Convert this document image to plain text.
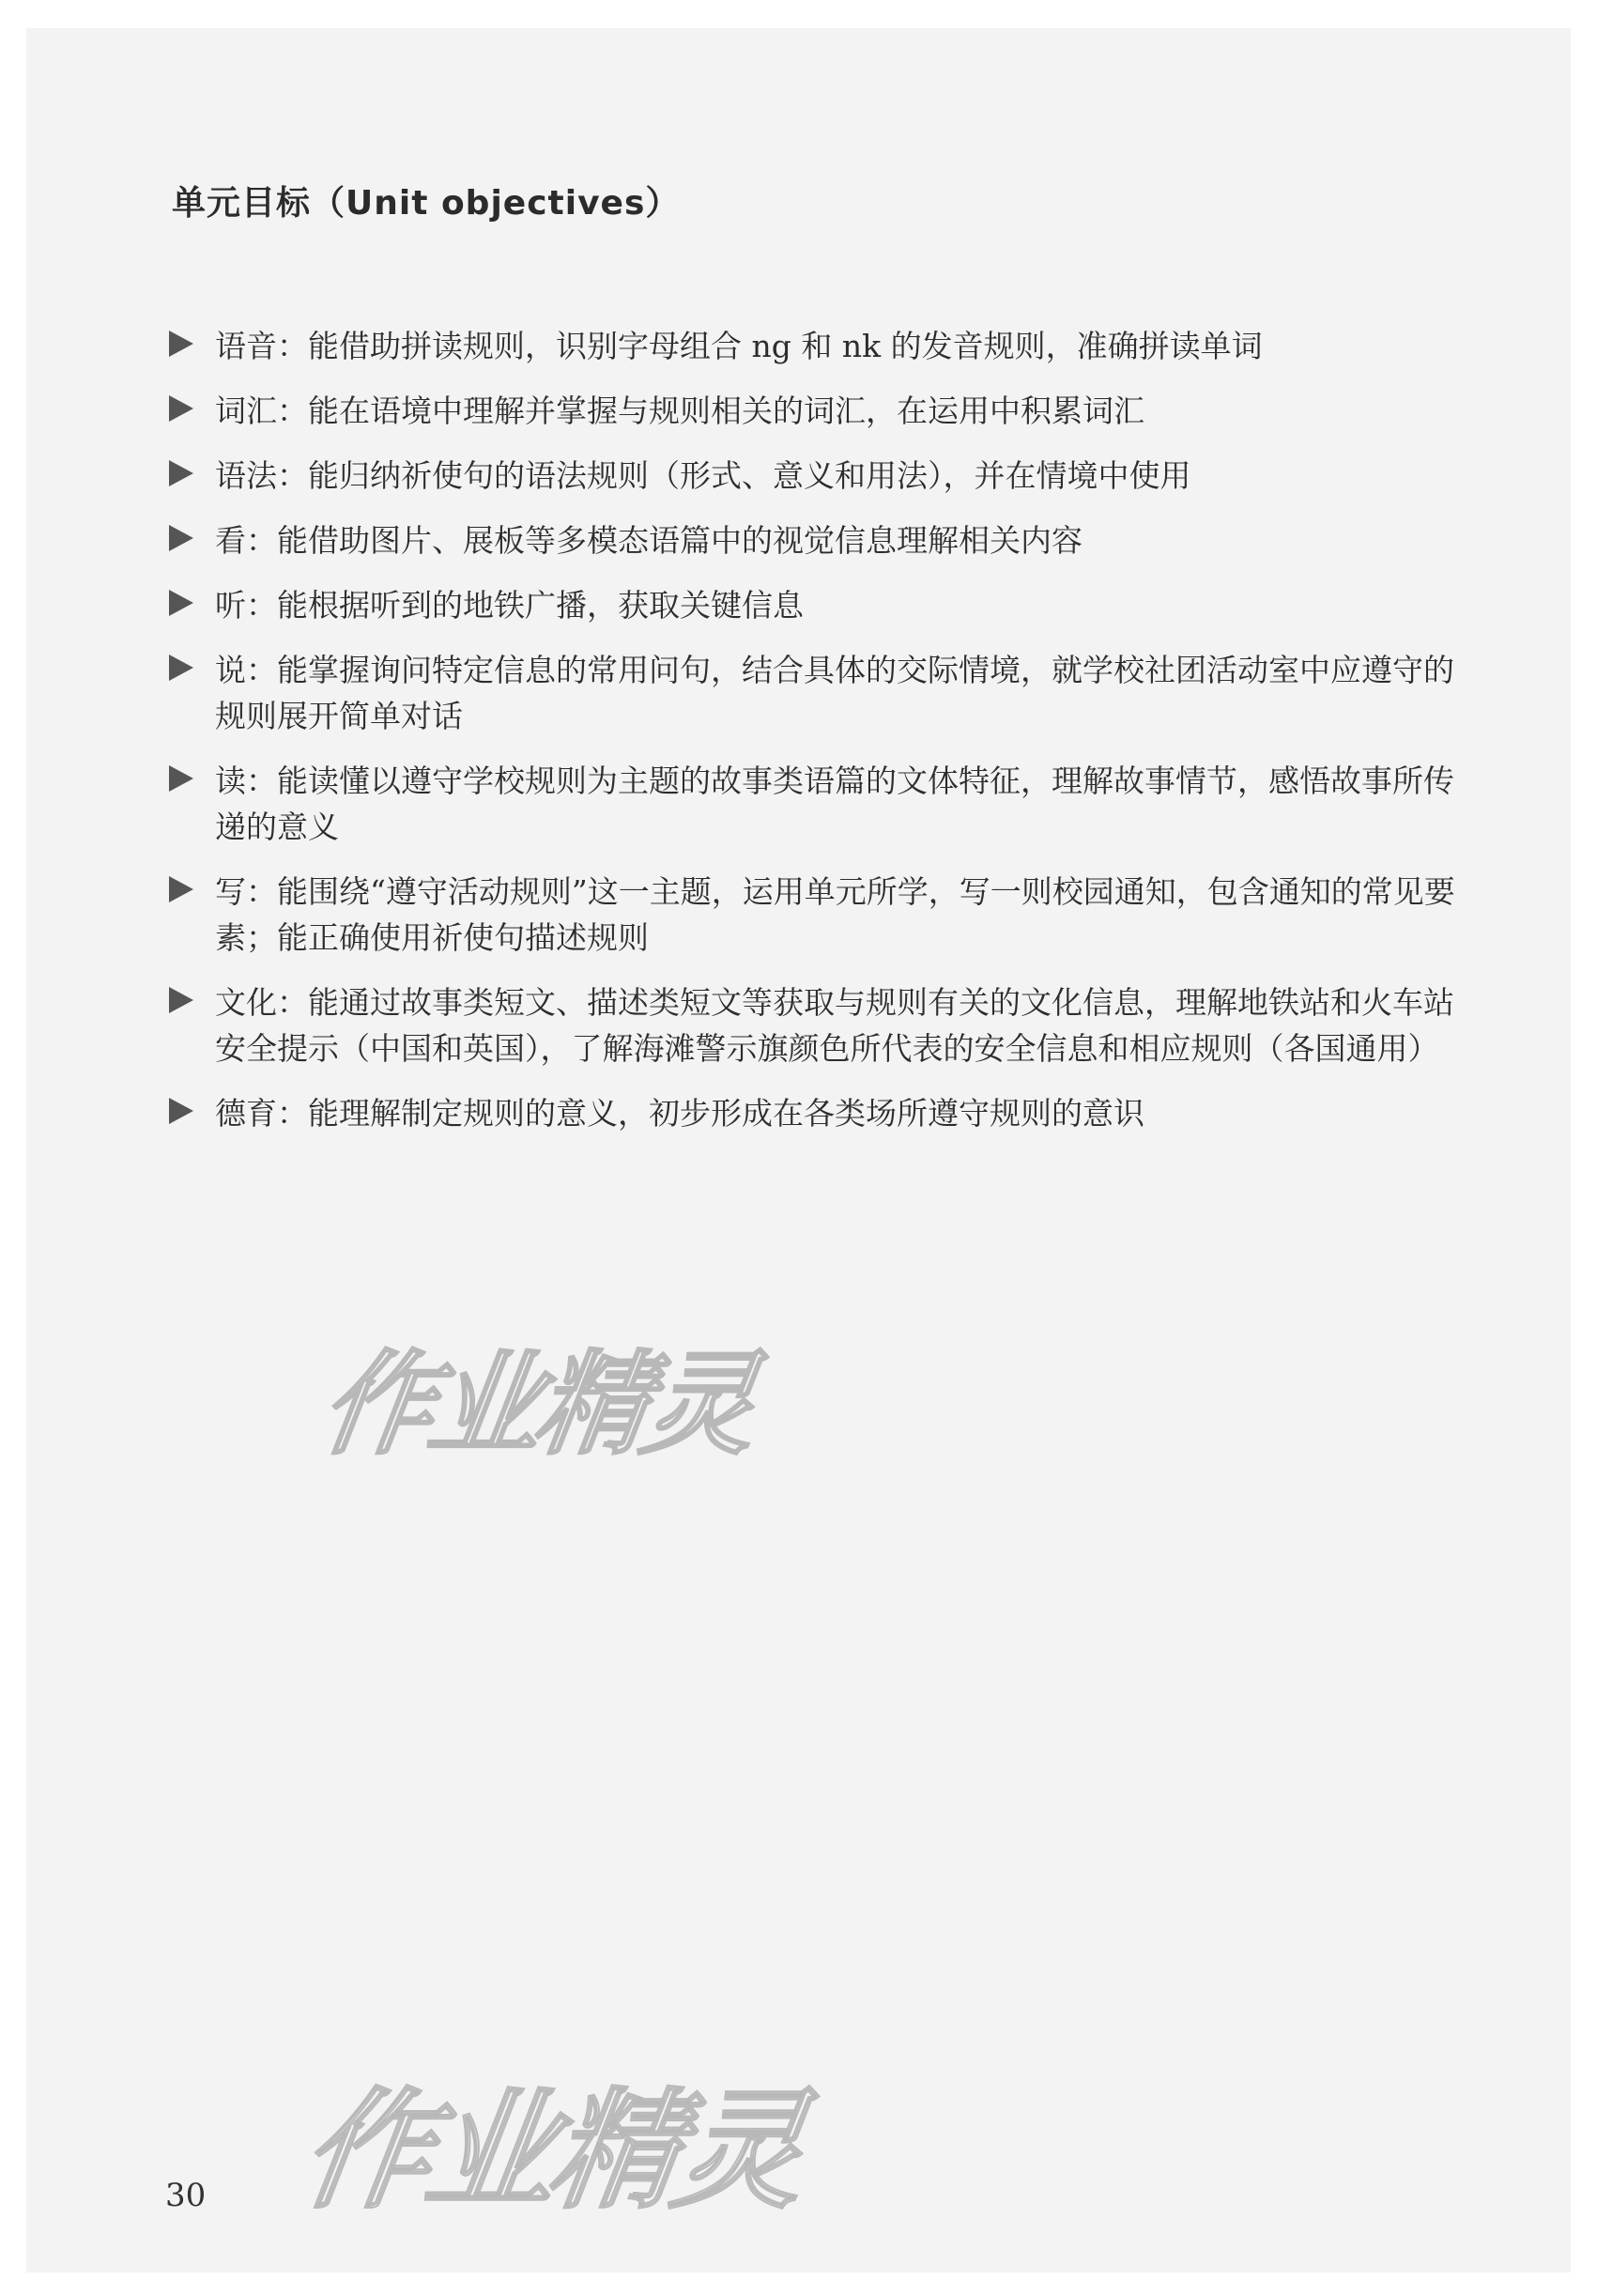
单元目标（Unit objectives）
语音：能借助拼读规则，识别字母组合 ng 和 nk 的发音规则，准确拼读单词
词汇：能在语境中理解并掌握与规则相关的词汇，在运用中积累词汇
语法：能归纳祈使句的语法规则（形式、意义和用法），并在情境中使用
看：能借助图片、展板等多模态语篇中的视觉信息理解相关内容
听：能根据听到的地铁广播，获取关键信息
说：能掌握询问特定信息的常用问句，结合具体的交际情境，就学校社团活动室中应遵守的规则展开简单对话
读：能读懂以遵守学校规则为主题的故事类语篇的文体特征，理解故事情节，感悟故事所传递的意义
写：能围绕“遵守活动规则”这一主题，运用单元所学，写一则校园通知，包含通知的常见要素；能正确使用祈使句描述规则
文化：能通过故事类短文、描述类短文等获取与规则有关的文化信息，理解地铁站和火车站安全提示（中国和英国），了解海滩警示旗颜色所代表的安全信息和相应规则（各国通用）
德育：能理解制定规则的意义，初步形成在各类场所遵守规则的意识
作业精灵
作业精灵
30
